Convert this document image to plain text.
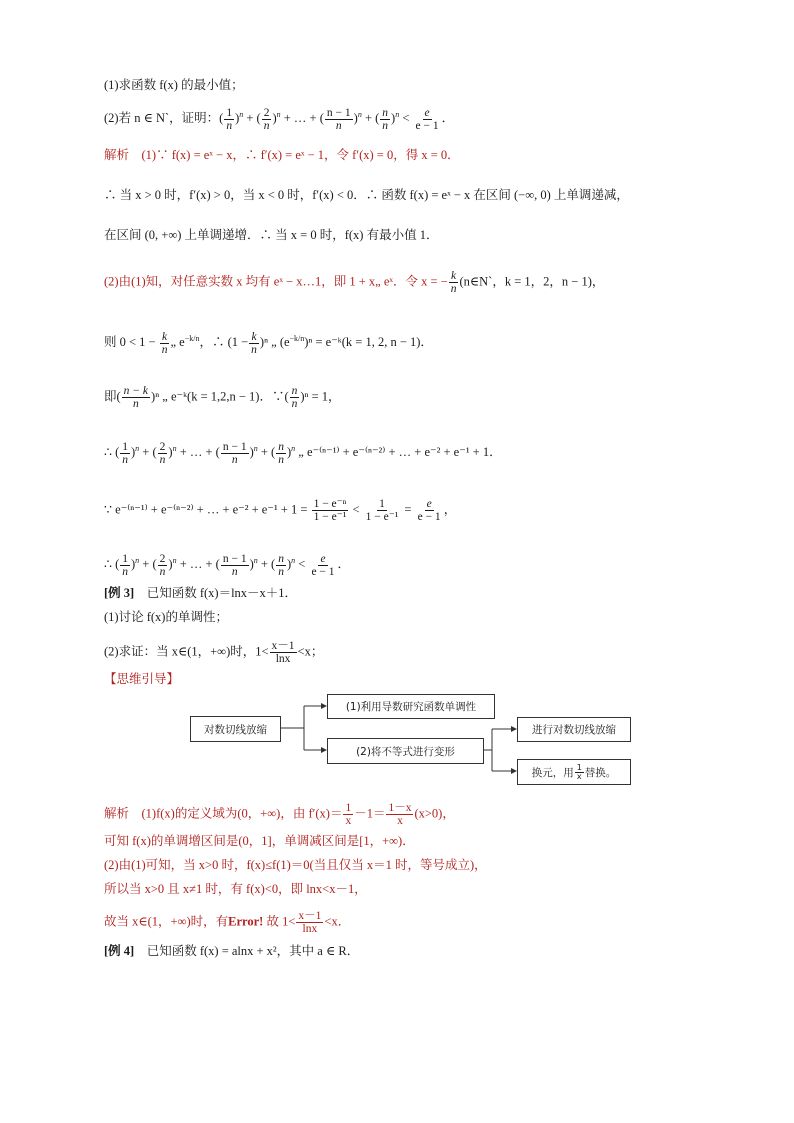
(1)求函数 f(x) 的最小值；
(2)若 n ∈ N`，证明：( $\frac{1}{n} )^n$ + ( $\frac{2}{n} )^n$ + … + ( $\frac{n - 1}{n} )^n$ + ( $\frac{n}{n} )^n < \frac{e}{e - 1}$ ．
解析　(1)∵ f(x) = eˣ − x，∴ f′(x) = eˣ − 1，令 f′(x) = 0，得 x = 0．
∴ 当 x > 0 时，f′(x) > 0，当 x < 0 时，f′(x) < 0．∴ 函数 f(x) = eˣ − x 在区间 (−∞, 0) 上单调递减，
在区间 (0, +∞) 上单调递增．∴ 当 x = 0 时，f(x) 有最小值 1．
(2)由(1)知，对任意实数 x 均有 eˣ − x…1，即 1 + x„ eˣ．令 x = − $\frac{k}{n}$ (n∈N`，k = 1，2，n − 1)，
则 $0 < 1 - \frac{k}{n}$ „ $e^{-k/n}$，∴ $(1 - \frac{k}{n} )^n$ „ $(e^{-k/n})^n$ = e⁻ᵏ(k = 1, 2, n − 1)．
即( $\frac{n - k}{n} )^n$ „ e⁻ᵏ(k = 1,2,n − 1)．∵( $\frac{n}{n} )^n = 1$，
∴ ( $\frac{1}{n} )^n$ + ( $\frac{2}{n} )^n$ + … + ( $\frac{n - 1}{n} )^n$ + ( $\frac{n}{n} )^n$ „ e⁻⁽ⁿ⁻¹⁾ + e⁻⁽ⁿ⁻²⁾ + … + e⁻² + e⁻¹ + 1．
∵ e⁻⁽ⁿ⁻¹⁾ + e⁻⁽ⁿ⁻²⁾ + … + $e^{-2} + e^{-1} + 1 = \frac{\text{1 − e⁻ⁿ}}{\text{1 − e⁻¹}} < \frac{1}{\text{1 − e⁻¹}} = \frac{e}{e - 1}$ ，
∴ ( $\frac{1}{n} )^n$ + ( $\frac{2}{n} )^n$ + … + ( $\frac{n - 1}{n} )^n$ + ( $\frac{n}{n} )^n < \frac{e}{e - 1}$ ．
[例 3]　已知函数 f(x)＝lnx－x＋1．
(1)讨论 f(x)的单调性；
(2)求证：当 x∈(1，+∞)时，$1< \frac{x-1}{\ln x} <x$；
【思维引导】
对数切线放缩
(1)利用导数研究函数单调性
(2)将不等式进行变形
进行对数切线放缩
换元，用 1
x 替换。
解析　(1)f(x)的定义域为(0，+∞)，由 $f'(x)= \frac{1}{x} -1= \frac{1-x}{x} (x>0)$，
可知 f(x)的单调增区间是(0，1]，单调减区间是[1，+∞)．
(2)由(1)可知，当 x>0 时，f(x)≤f(1)＝0(当且仅当 x＝1 时，等号成立)，
所以当 x>0 且 x≠1 时，有 f(x)<0，即 lnx<x－1，
故当 x∈(1，+∞)时，有Error! 故 $1< \frac{x-1}{\ln x} <x$．
[例 4]　已知函数 f(x) = alnx + x²，其中 a ∈ R．
